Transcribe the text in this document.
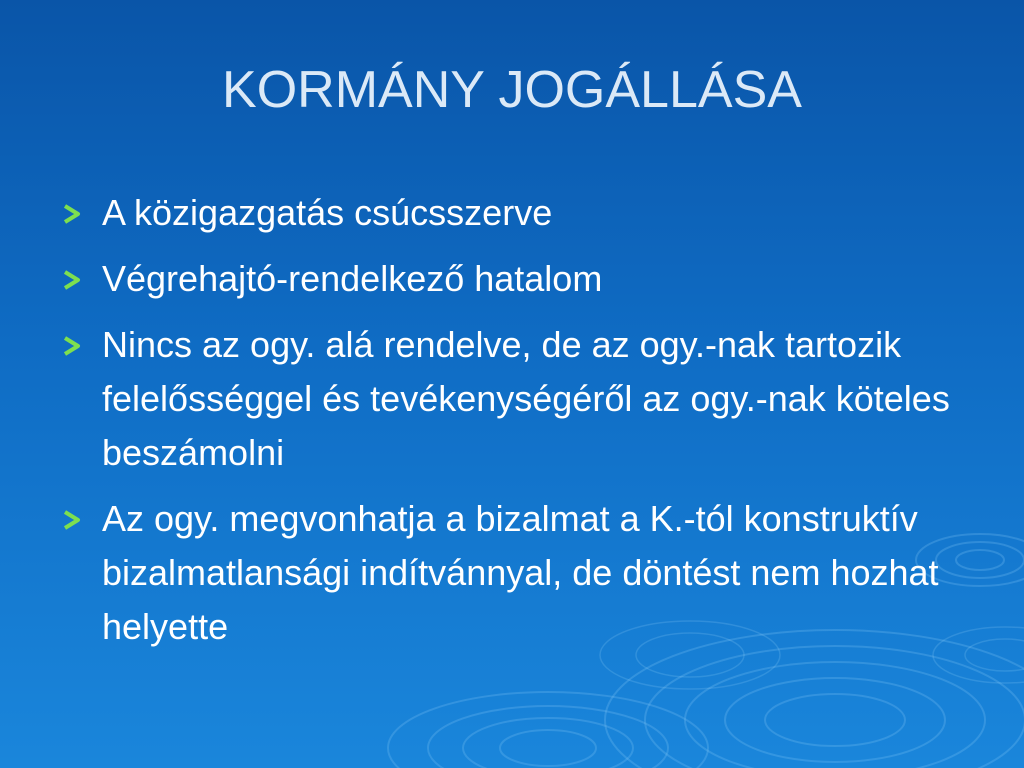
KORMÁNY JOGÁLLÁSA
A közigazgatás csúcsszerve
Végrehajtó-rendelkező hatalom
Nincs az ogy. alá rendelve, de az ogy.-nak tartozik felelősséggel és tevékenységéről az ogy.-nak köteles beszámolni
Az ogy. megvonhatja a bizalmat a K.-tól konstruktív bizalmatlansági indítvánnyal, de döntést nem hozhat helyette
